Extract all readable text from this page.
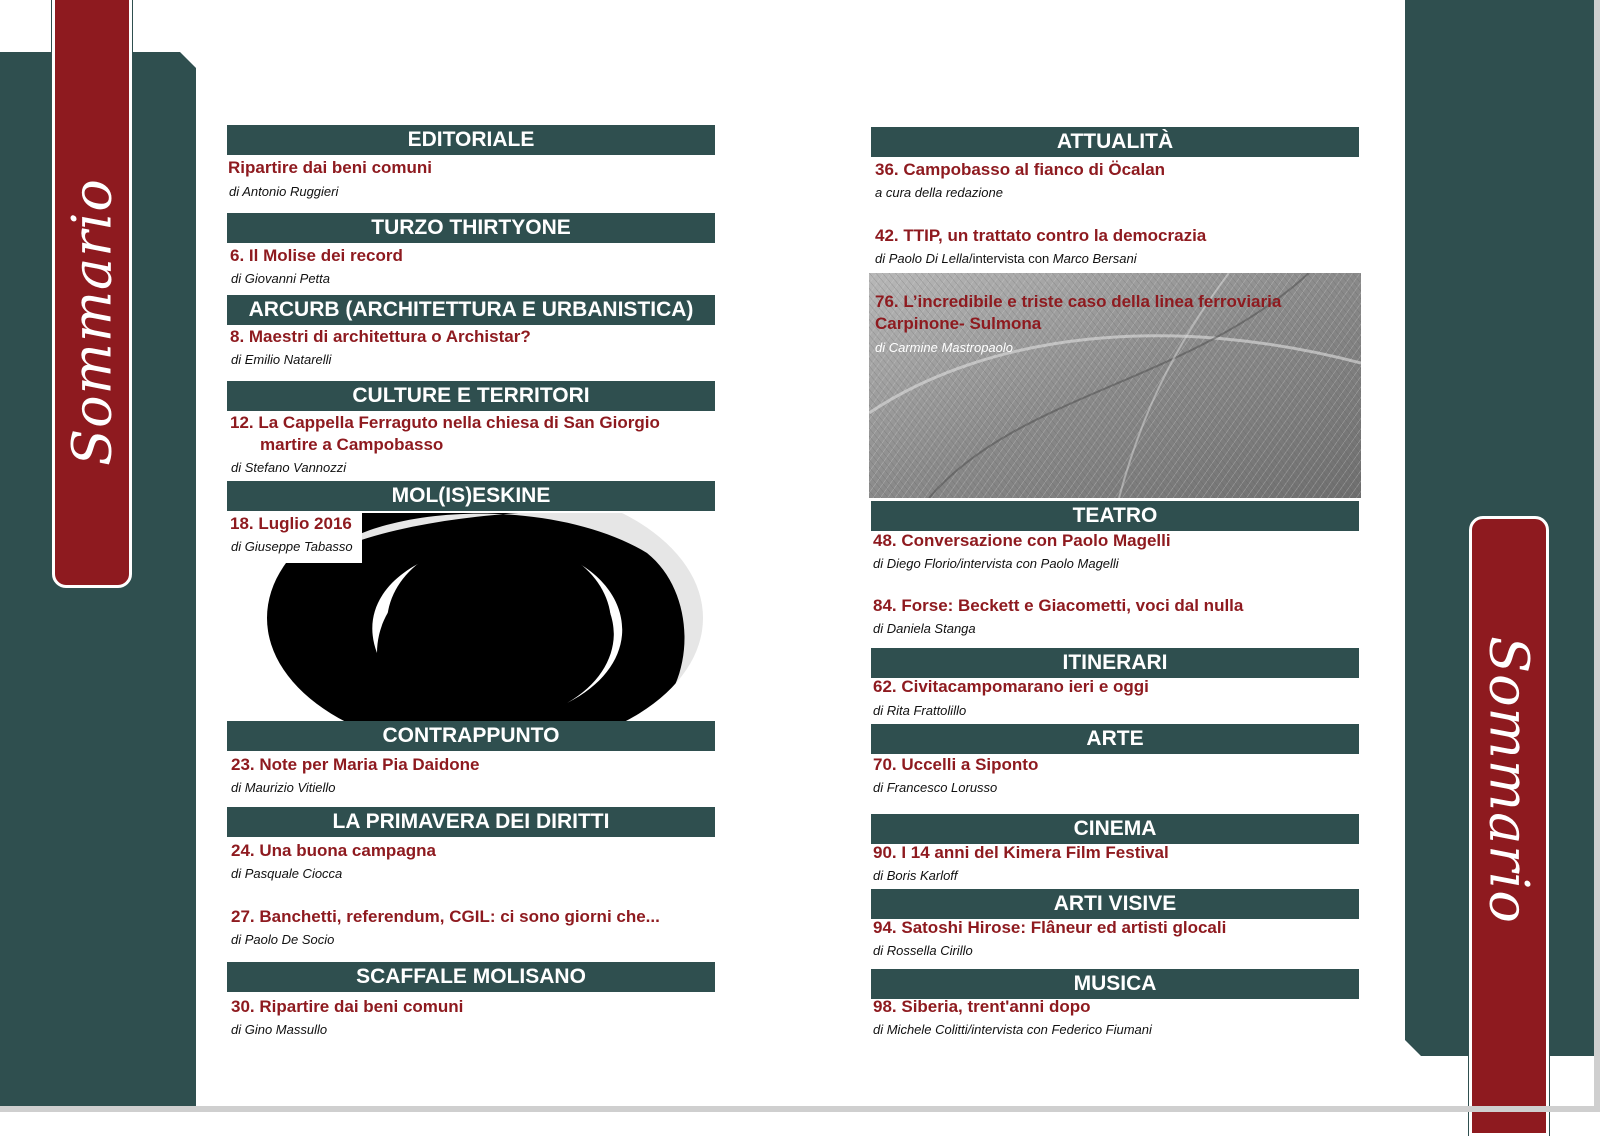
Sommario
Sommario
EDITORIALE
Ripartire dai beni comuni
di Antonio Ruggieri
TURZO THIRTYONE
6. Il Molise dei record
di Giovanni Petta
ARCURB (ARCHITETTURA E URBANISTICA)
8. Maestri di architettura o Archistar?
di Emilio Natarelli
CULTURE E TERRITORI
12. La Cappella Ferraguto nella chiesa di San Giorgio
martire a Campobasso
di Stefano Vannozzi
MOL(IS)ESKINE
18. Luglio 2016
di Giuseppe Tabasso
CONTRAPPUNTO
23. Note per Maria Pia Daidone
di Maurizio Vitiello
LA PRIMAVERA DEI DIRITTI
24. Una buona campagna
di Pasquale Ciocca
27. Banchetti, referendum, CGIL: ci sono giorni che...
di Paolo De Socio
SCAFFALE MOLISANO
30. Ripartire dai beni comuni
di Gino Massullo
ATTUALITÀ
36. Campobasso al fianco di Öcalan
a cura della redazione
42. TTIP, un trattato contro la democrazia
di Paolo Di Lella/intervista con Marco Bersani
76. L’incredibile e triste caso della linea ferroviaria
Carpinone- Sulmona
di Carmine Mastropaolo
TEATRO
48. Conversazione con Paolo Magelli
di Diego Florio/intervista con Paolo Magelli
84. Forse: Beckett e Giacometti, voci dal nulla
di Daniela Stanga
ITINERARI
62. Civitacampomarano ieri e oggi
di Rita Frattolillo
ARTE
70. Uccelli a Siponto
di Francesco Lorusso
CINEMA
90. I 14 anni del Kimera Film Festival
di Boris Karloff
ARTI VISIVE
94. Satoshi Hirose: Flâneur ed artisti glocali
di Rossella Cirillo
MUSICA
98. Siberia, trent'anni dopo
di Michele Colitti/intervista con Federico Fiumani
